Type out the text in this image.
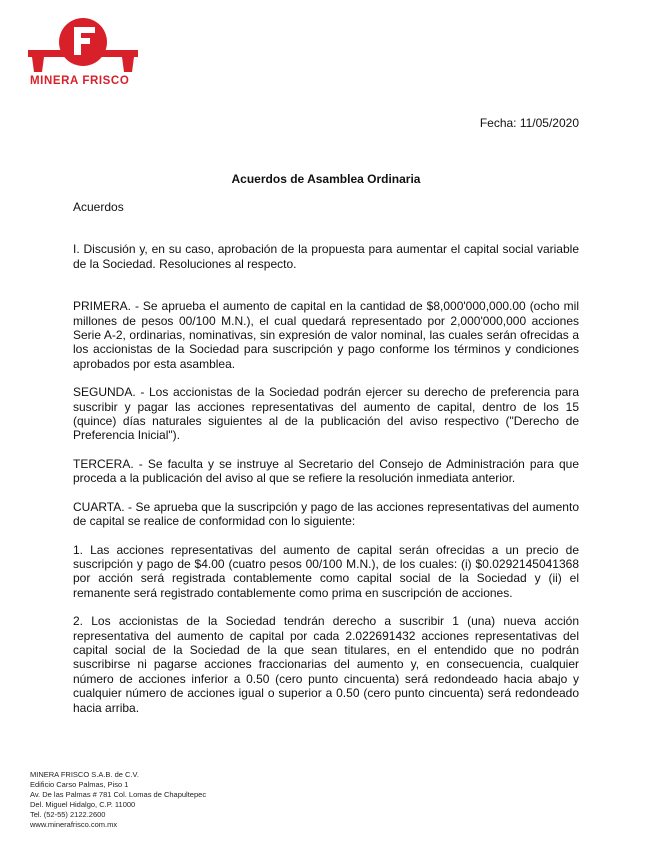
MINERA FRISCO
Fecha: 11/05/2020
Acuerdos de Asamblea Ordinaria

Acuerdos

I. Discusión y, en su caso, aprobación de la propuesta para aumentar el capital social variable de la Sociedad. Resoluciones al respecto.

PRIMERA. - Se aprueba el aumento de capital en la cantidad de $8,000'000,000.00 (ocho mil millones de pesos 00/100 M.N.), el cual quedará representado por 2,000'000,000 acciones Serie A-2, ordinarias, nominativas, sin expresión de valor nominal, las cuales serán ofrecidas a los accionistas de la Sociedad para suscripción y pago conforme los términos y condiciones aprobados por esta asamblea.

SEGUNDA. - Los accionistas de la Sociedad podrán ejercer su derecho de preferencia para suscribir y pagar las acciones representativas del aumento de capital, dentro de los 15 (quince) días naturales siguientes al de la publicación del aviso respectivo ("Derecho de Preferencia Inicial").

TERCERA. - Se faculta y se instruye al Secretario del Consejo de Administración para que proceda a la publicación del aviso al que se refiere la resolución inmediata anterior.

CUARTA. - Se aprueba que la suscripción y pago de las acciones representativas del aumento de capital se realice de conformidad con lo siguiente:

1. Las acciones representativas del aumento de capital serán ofrecidas a un precio de suscripción y pago de $4.00 (cuatro pesos 00/100 M.N.), de los cuales: (i) $0.0292145041368 por acción será registrada contablemente como capital social de la Sociedad y (ii) el remanente será registrado contablemente como prima en suscripción de acciones.

2. Los accionistas de la Sociedad tendrán derecho a suscribir 1 (una) nueva acción representativa del aumento de capital por cada 2.022691432 acciones representativas del capital social de la Sociedad de la que sean titulares, en el entendido que no podrán suscribirse ni pagarse acciones fraccionarias del aumento y, en consecuencia, cualquier número de acciones inferior a 0.50 (cero punto cincuenta) será redondeado hacia abajo y cualquier número de acciones igual o superior a 0.50 (cero punto cincuenta) será redondeado hacia arriba.

MINERA FRISCO S.A.B. de C.V.
Edificio Carso Palmas, Piso 1
Av. De las Palmas # 781 Col. Lomas de Chapultepec
Del. Miguel Hidalgo, C.P. 11000
Tel. (52-55) 2122.2600
www.minerafrisco.com.mx
